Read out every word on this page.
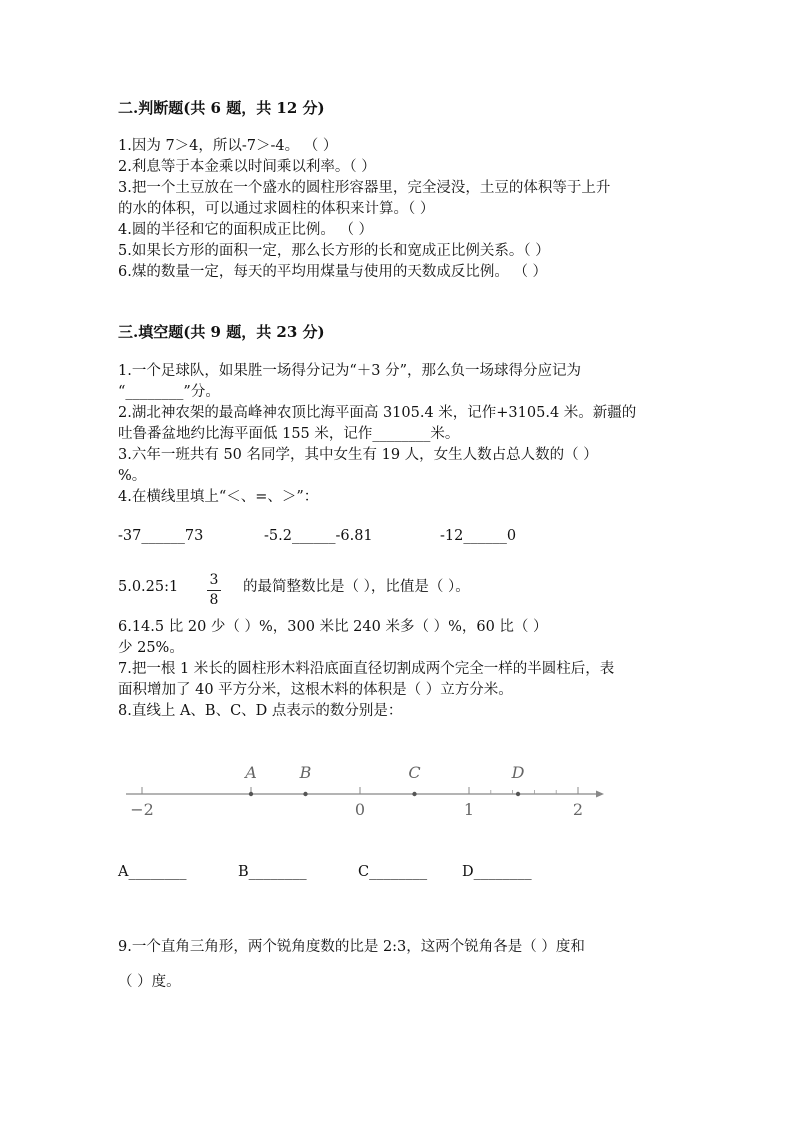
二.判断题(共 6 题，共 12 分)
1.因为 7＞4，所以-7＞-4。 （ ）
2.利息等于本金乘以时间乘以利率。（ ）
3.把一个土豆放在一个盛水的圆柱形容器里，完全浸没，土豆的体积等于上升
的水的体积，可以通过求圆柱的体积来计算。（ ）
4.圆的半径和它的面积成正比例。 （ ）
5.如果长方形的面积一定，那么长方形的长和宽成正比例关系。（ ）
6.煤的数量一定，每天的平均用煤量与使用的天数成反比例。 （ ）
三.填空题(共 9 题，共 23 分)
1.一个足球队，如果胜一场得分记为“＋3 分”，那么负一场球得分应记为
“________”分。
2.湖北神农架的最高峰神农顶比海平面高 3105.4 米，记作+3105.4 米。新疆的
吐鲁番盆地约比海平面低 155 米，记作________米。
3.六年一班共有 50 名同学，其中女生有 19 人，女生人数占总人数的（ ）
%。
4.在横线里填上“＜、=、＞”：
-37______73	-5.2______-6.81	-12______0
5.0.25:1 3
8
的最简整数比是（ ），比值是（ ）。
6.14.5 比 20 少（ ）%，300 米比 240 米多（ ）%，60 比（ ）
少 25%。
7.把一根 1 米长的圆柱形木料沿底面直径切割成两个完全一样的半圆柱后，表
面积增加了 40 平方分米，这根木料的体积是（ ）立方分米。
8.直线上 A、B、C、D 点表示的数分别是：
−2	0	1	2
A	B	C	D
A________	B________	C________ D________
9.一个直角三角形，两个锐角度数的比是 2:3，这两个锐角各是（ ）度和
（ ）度。
